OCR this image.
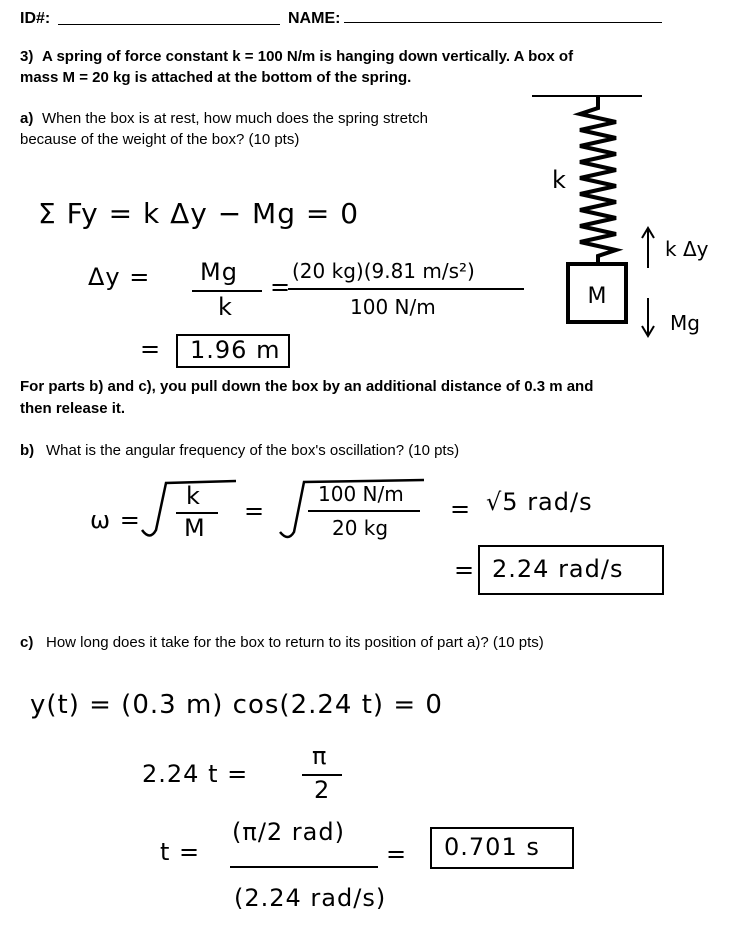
ID#:	NAME:
3) A spring of force constant k = 100 N/m is hanging down vertically. A box of
mass M = 20 kg is attached at the bottom of the spring.
a) When the box is at rest, how much does the spring stretch
because of the weight of the box? (10 pts)
M
k
k Δy
Mg
Σ Fy = k Δy − Mg = 0
Δy = Mg
k
=
(20 kg)(9.81 m/s²)
100 N/m
= 1.96 m
For parts b) and c), you pull down the box by an additional distance of 0.3 m and
then release it.
b) What is the angular frequency of the box's oscillation? (10 pts)
ω =
k
M
=
100 N/m
20 kg
= √5 rad/s
= 2.24 rad/s
c) How long does it take for the box to return to its position of part a)? (10 pts)
y(t) = (0.3 m) cos(2.24 t) = 0
2.24 t =
π
2
t =
(π/2 rad)
(2.24 rad/s)
= 0.701 s
